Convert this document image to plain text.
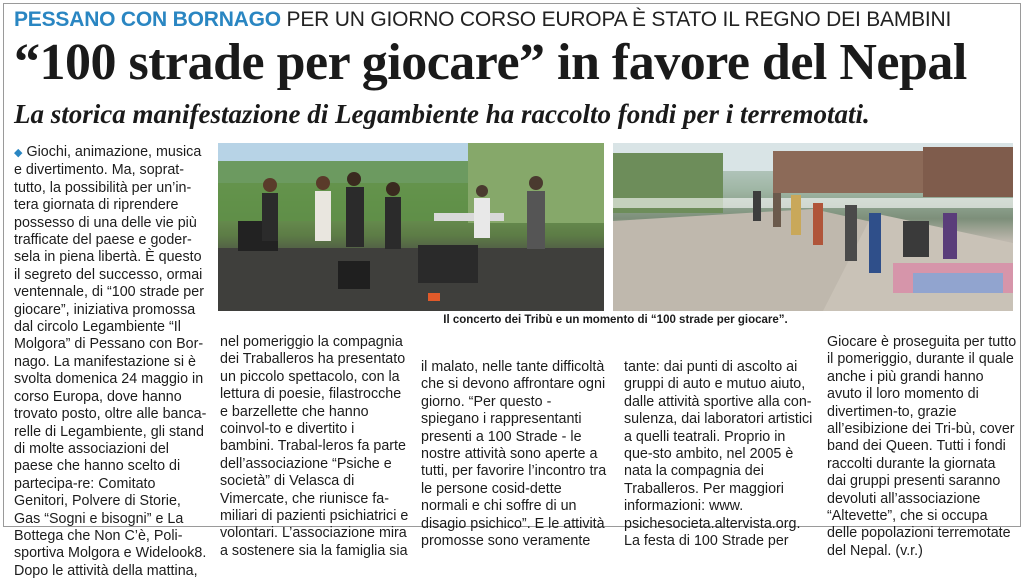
PESSANO CON BORNAGO PER UN GIORNO CORSO EUROPA È STATO IL REGNO DEI BAMBINI
“100 strade per giocare” in favore del Nepal
La storica manifestazione di Legambiente ha raccolto fondi per i terremotati.

◆ Giochi, animazione, musica e divertimento. Ma, soprat-tutto, la possibilità per un’in-tera giornata di riprendere possesso di una delle vie più trafficate del paese e goder-sela in piena libertà. È questo il segreto del successo, ormai ventennale, di “100 strade per giocare”, iniziativa promossa dal circolo Legambiente “Il Molgora” di Pessano con Bor-nago. La manifestazione si è svolta domenica 24 maggio in corso Europa, dove hanno trovato posto, oltre alle banca-relle di Legambiente, gli stand di molte associazioni del paese che hanno scelto di partecipa-re: Comitato Genitori, Polvere di Storie, Gas “Sogni e bisogni” e La Bottega che Non C’è, Poli-sportiva Molgora e Widelook8. Dopo le attività della mattina,

Il concerto dei Tribù e un momento di “100 strade per giocare”.

nel pomeriggio la compagnia dei Traballeros ha presentato un piccolo spettacolo, con la lettura di poesie, filastrocche e barzellette che hanno coinvol-to e divertito i bambini. Trabal-leros fa parte dell’associazione “Psiche e società” di Velasca di Vimercate, che riunisce fa-miliari di pazienti psichiatrici e volontari. L’associazione mira a sostenere sia la famiglia sia

il malato, nelle tante difficoltà che si devono affrontare ogni giorno. “Per questo - spiegano i rappresentanti presenti a 100 Strade - le nostre attività sono aperte a tutti, per favorire l’incontro tra le persone cosid-dette normali e chi soffre di un disagio psichico”. E le attività promosse sono veramente

tante: dai punti di ascolto ai gruppi di auto e mutuo aiuto, dalle attività sportive alla con-sulenza, dai laboratori artistici a quelli teatrali. Proprio in que-sto ambito, nel 2005 è nata la compagnia dei Traballeros. Per maggiori informazioni: www. psichesocieta.altervista.org. La festa di 100 Strade per

Giocare è proseguita per tutto il pomeriggio, durante il quale anche i più grandi hanno avuto il loro momento di divertimen-to, grazie all’esibizione dei Tri-bù, cover band dei Queen. Tutti i fondi raccolti durante la giornata dai gruppi presenti saranno devoluti all’associazione “Altevette”, che si occupa delle popolazioni terremotate del Nepal. (v.r.)
